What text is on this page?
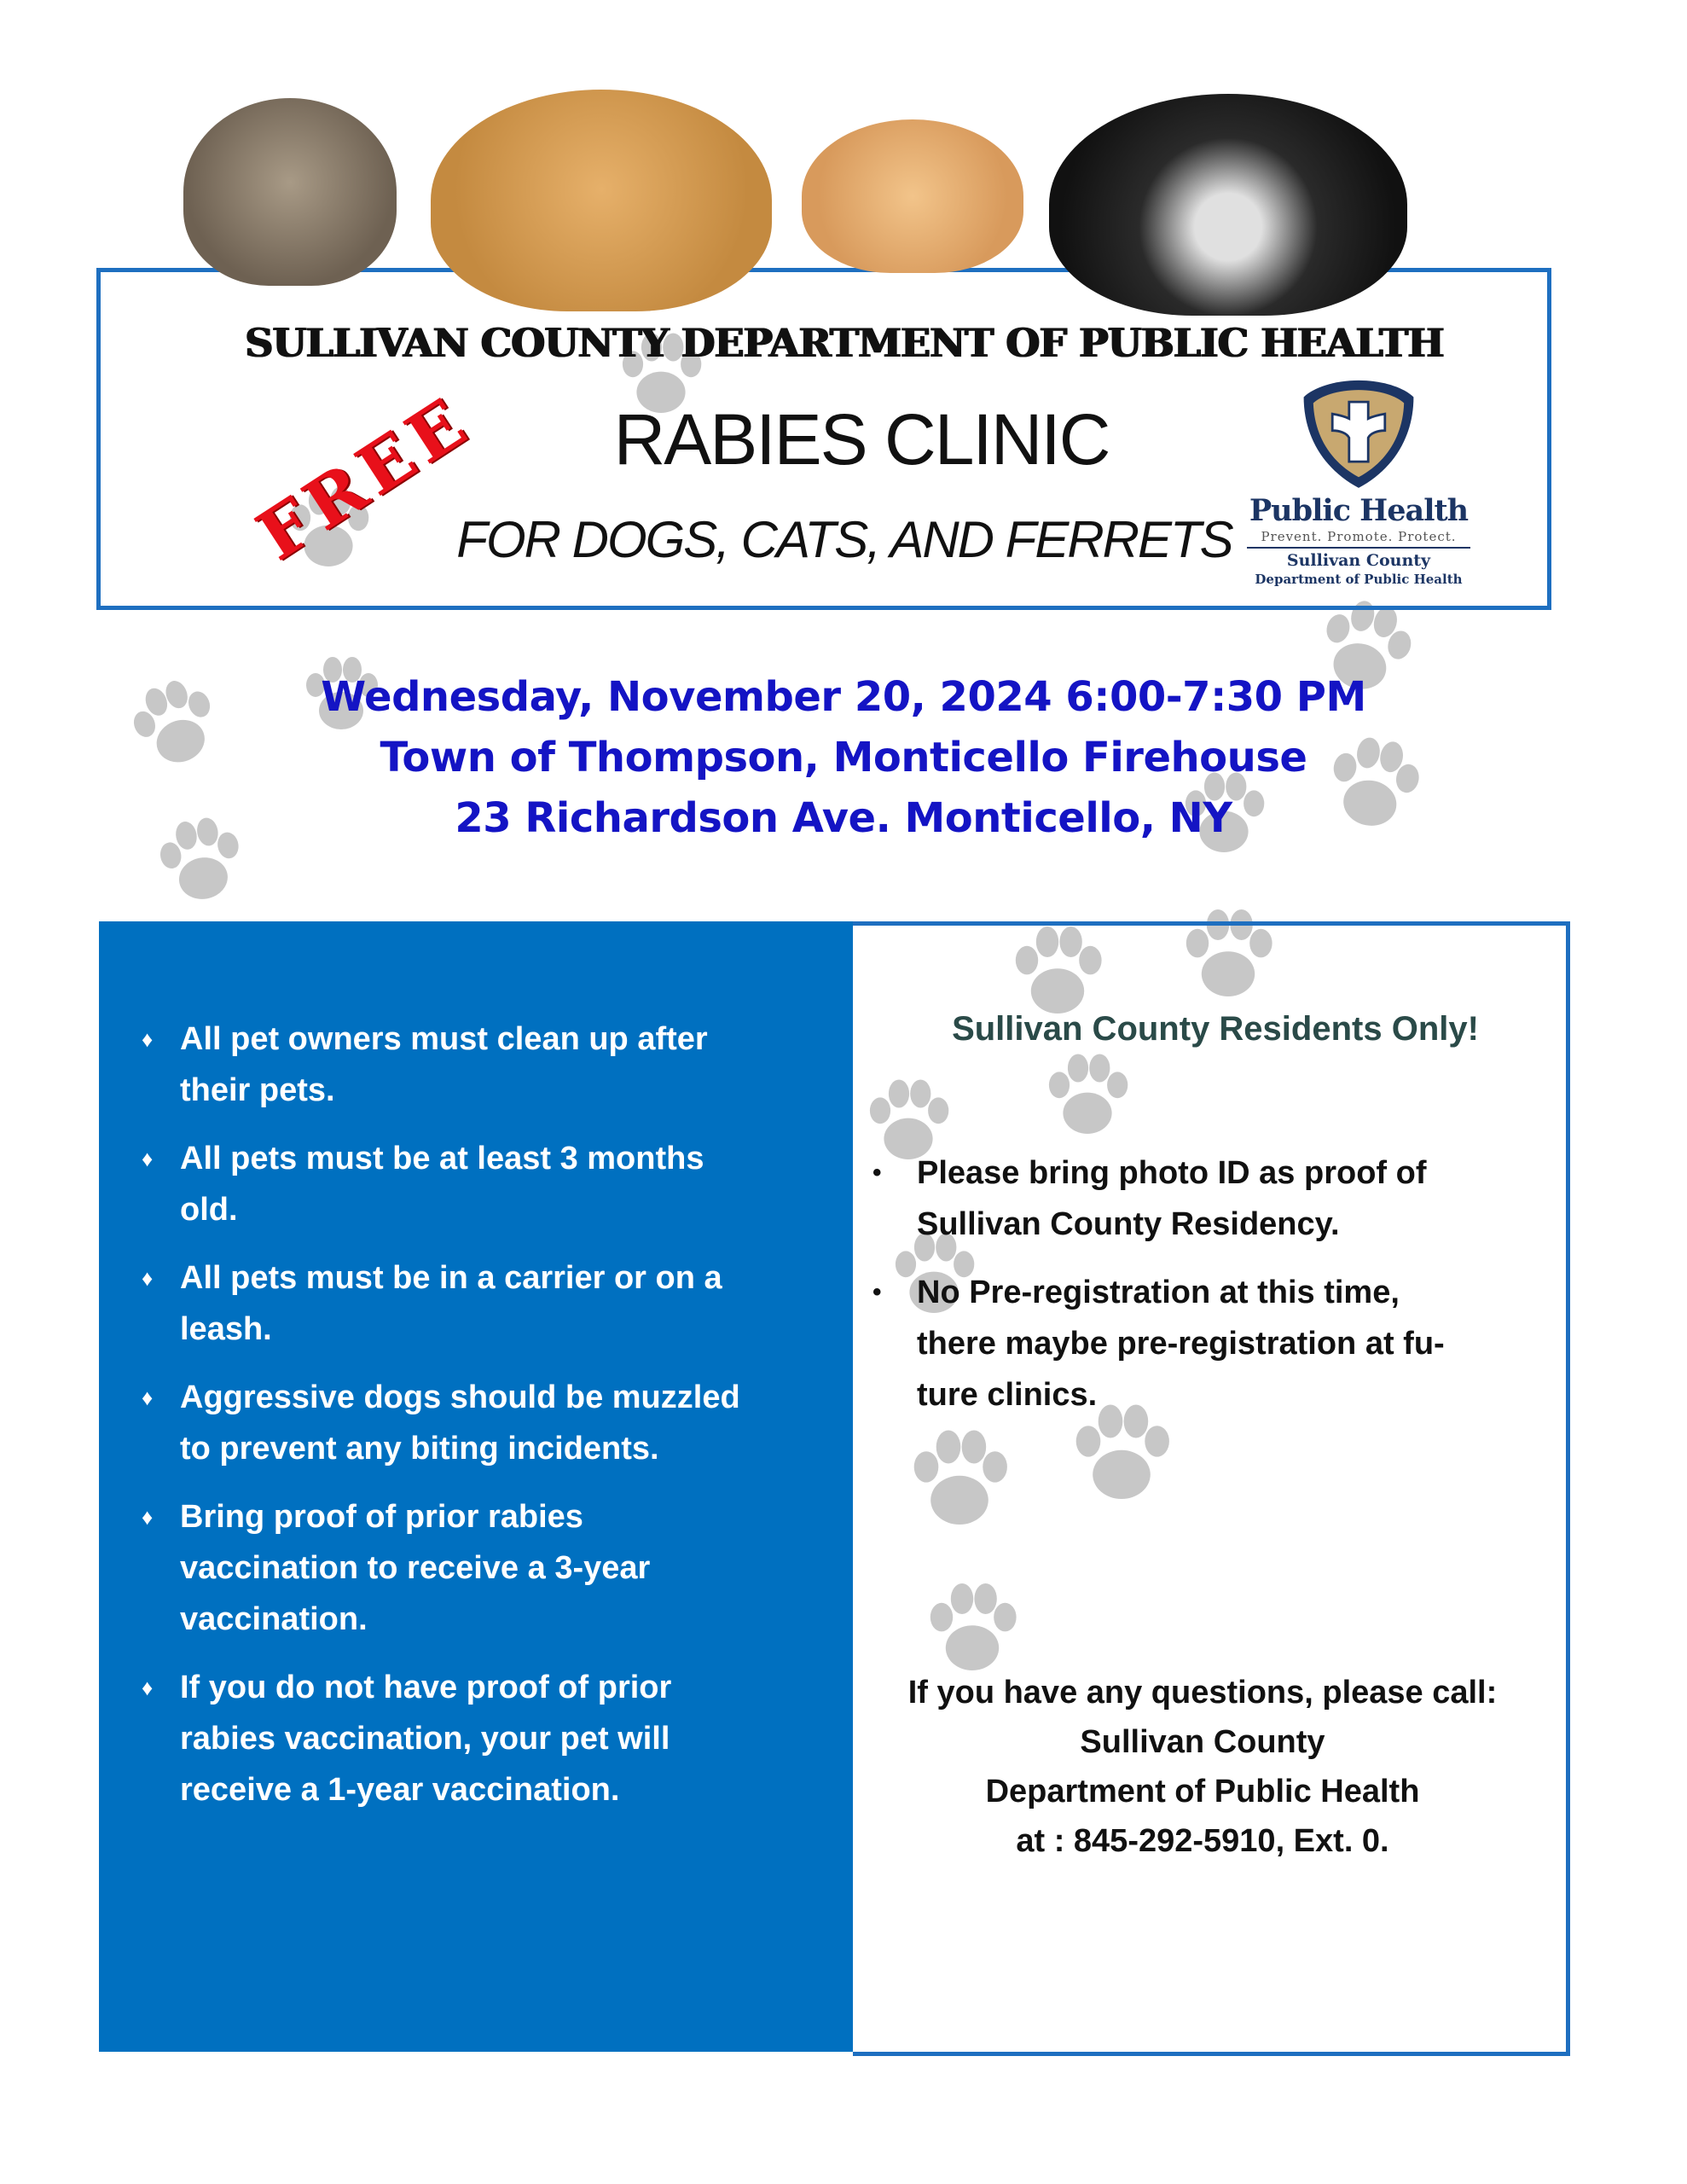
SULLIVAN COUNTY DEPARTMENT OF PUBLIC HEALTH
FREE	RABIES CLINIC
FOR DOGS, CATS, AND FERRETS
Public Health
Prevent. Promote. Protect.
Sullivan County
Department of Public Health
Wednesday, November 20, 2024 6:00-7:30 PM
Town of Thompson, Monticello Firehouse
23 Richardson Ave. Monticello, NY
♦ All pet owners must clean up after
their pets.
♦ All pets must be at least 3 months
old.
♦ All pets must be in a carrier or on a
leash.
♦ Aggressive dogs should be muzzled
to prevent any biting incidents.
♦ Bring proof of prior rabies
vaccination to receive a 3-year
vaccination.
♦ If you do not have proof of prior
rabies vaccination, your pet will
receive a 1-year vaccination.
Sullivan County Residents Only!
• Please bring photo ID as proof of
Sullivan County Residency.
• No Pre-registration at this time,
there maybe pre-registration at fu-
ture clinics.
If you have any questions, please call:
Sullivan County
Department of Public Health
at : 845-292-5910, Ext. 0.
